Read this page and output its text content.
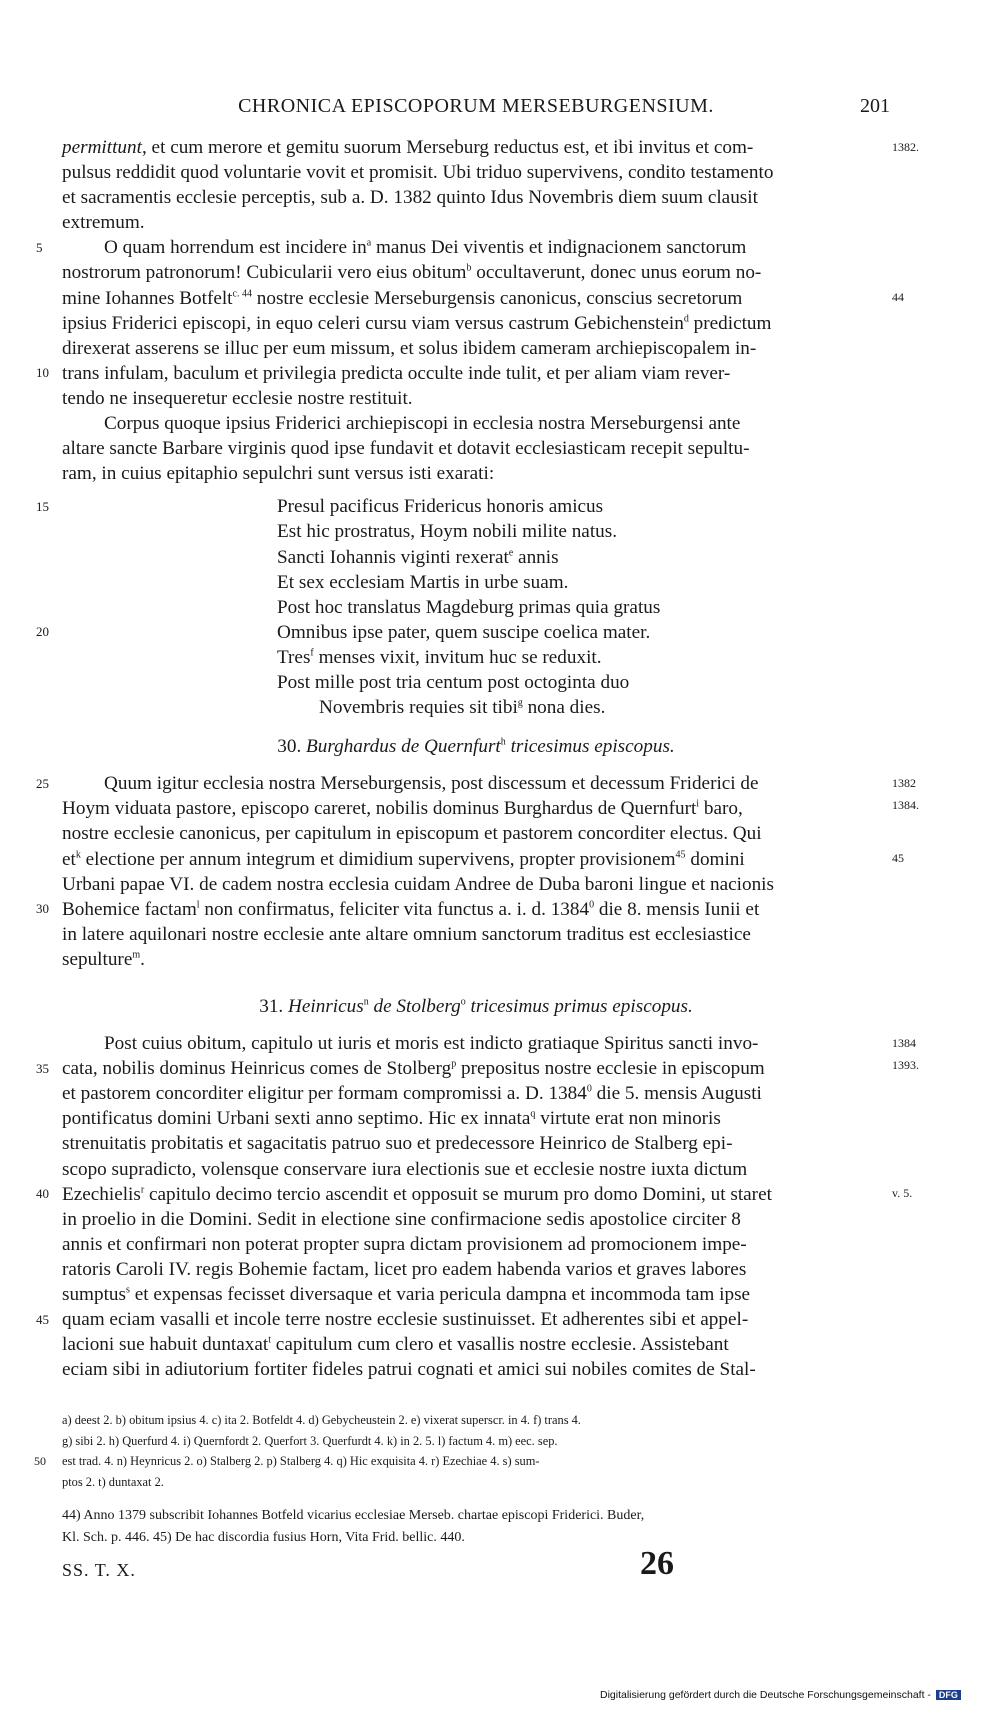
CHRONICA EPISCOPORUM MERSEBURGENSIUM.	201

permittunt, et cum merore et gemitu suorum Merseburg reductus est, et ibi invitus et com-	1382.

pulsus reddidit quod voluntarie vovit et promisit. Ubi triduo supervivens, condito testamento
et sacramentis ecclesie perceptis, sub a. D. 1382 quinto Idus Novembris diem suum clausit
extremum.

5	O quam horrendum est incidere $in^a$ manus Dei viventis et indignacionem sanctorum
nostrorum patronorum! Cubicularii vero eius obitum$^b$ occultaverunt, donec unus eorum no-
mine Iohannes Botfelt$^{c. 44}$ nostre ecclesie Merseburgensis canonicus, conscius secretorum	44

ipsius Friderici episcopi, in equo celeri cursu viam versus castrum Gebichenstein$^d$ predictum
direxerat asserens se illuc per eum missum, et solus ibidem cameram archiepiscopalem in-

10 trans infulam, baculum et privilegia predicta occulte inde tulit, et per aliam viam rever-
tendo ne insequeretur ecclesie nostre restituit.

Corpus quoque ipsius Friderici archiepiscopi in ecclesia nostra Merseburgensi ante
altare sancte Barbare virginis quod ipse fundavit et dotavit ecclesiasticam recepit sepultu-
ram, in cuius epitaphio sepulchri sunt versus isti exarati:

15	Presul pacificus Fridericus honoris amicus
Est hic prostratus, Hoym nobili milite natus.
Sancti Iohannis viginti rexerat$^e$ annis
Et sex ecclesiam Martis in urbe suam.
Post hoc translatus Magdeburg primas quia gratus
20	Omnibus ipse pater, quem suscipe coelica mater.
Tres$^f$ menses vixit, invitum huc se reduxit.
Post mille post tria centum post octoginta duo
Novembris requies sit tibi$^g$ nona dies.
30. Burghardus de Quernfurt$^h$ tricesimus episcopus.

25	1382
1384.
Quum igitur ecclesia nostra Merseburgensis, post discessum et decessum Friderici de
Hoym viduata pastore, episcopo careret, nobilis dominus Burghardus de Quernfurt$^i$ baro,
nostre ecclesie canonicus, per capitulum in episcopum et pastorem concorditer electus. Qui
$et^k$ electione per annum integrum et dimidium supervivens, propter provisionem$^{45}$ domini	45

Urbani papae VI. de cadem nostra ecclesia cuidam Andree de Duba baroni lingue et nacionis

30 Bohemice factam$^l$ non confirmatus, feliciter vita functus a. i. d. 1384$^0$ die 8. mensis Iunii et
in latere aquilonari nostre ecclesie ante altare omnium sanctorum traditus est ecclesiastice
sepulture$^m$.

31. Heinricus$^n$ de Stolberg$^o$ tricesimus primus episcopus.

1384
1393.
Post cuius obitum, capitulo ut iuris et moris est indicto gratiaque Spiritus sancti invo-

35 cata, nobilis dominus Heinricus comes de Stolberg$^p$ prepositus nostre ecclesie in episcopum
et pastorem concorditer eligitur per formam compromissi a. D. 1384$^0$ die 5. mensis Augusti
pontificatus domini Urbani sexti anno septimo. Hic ex innata$^q$ virtute erat non minoris
strenuitatis probitatis et sagacitatis patruo suo et predecessore Heinrico de Stalberg epi-
scopo supradicto, volensque conservare iura electionis sue et ecclesie nostre iuxta dictum

40	v. 5.
Ezechielis$^r$ capitulo decimo tercio ascendit et opposuit se murum pro domo Domini, ut staret
in proelio in die Domini. Sedit in electione sine confirmacione sedis apostolice circiter 8
annis et confirmari non poterat propter supra dictam provisionem ad promocionem impe-
ratoris Caroli IV. regis Bohemie factam, licet pro eadem habenda varios et graves labores
sumptus$^s$ et expensas fecisset diversaque et varia pericula dampna et incommoda tam ipse

45 quam eciam vasalli et incole terre nostre ecclesie sustinuisset. Et adherentes sibi et appel-
lacioni sue habuit duntaxat$^t$ capitulum cum clero et vasallis nostre ecclesie. Assistebant
eciam sibi in adiutorium fortiter fideles patrui cognati et amici sui nobiles comites de Stal-

a) deest 2. b) obitum ipsius 4. c) ita 2. Botfeldt 4. d) Gebycheustein 2. e) vixerat superscr. in 4. f) trans 4.
g) sibi 2. h) Querfurd 4. i) Quernfordt 2. Querfort 3. Querfurdt 4. k) in 2. 5. l) factum 4. m) eec. sep.
50 est trad. 4. n) Heynricus 2. o) Stalberg 2. p) Stalberg 4. q) Hic exquisita 4. r) Ezechiae 4. s) sum-
ptos 2. t) duntaxat 2.
44) Anno 1379 subscribit Iohannes Botfeld vicarius ecclesiae Merseb. chartae episcopi Friderici. Buder,
Kl. Sch. p. 446. 45) De hac discordia fusius Horn, Vita Frid. bellic. 440.
SS. T. X.	26
Digitalisierung gefördert durch die Deutsche Forschungsgemeinschaft - DFG
